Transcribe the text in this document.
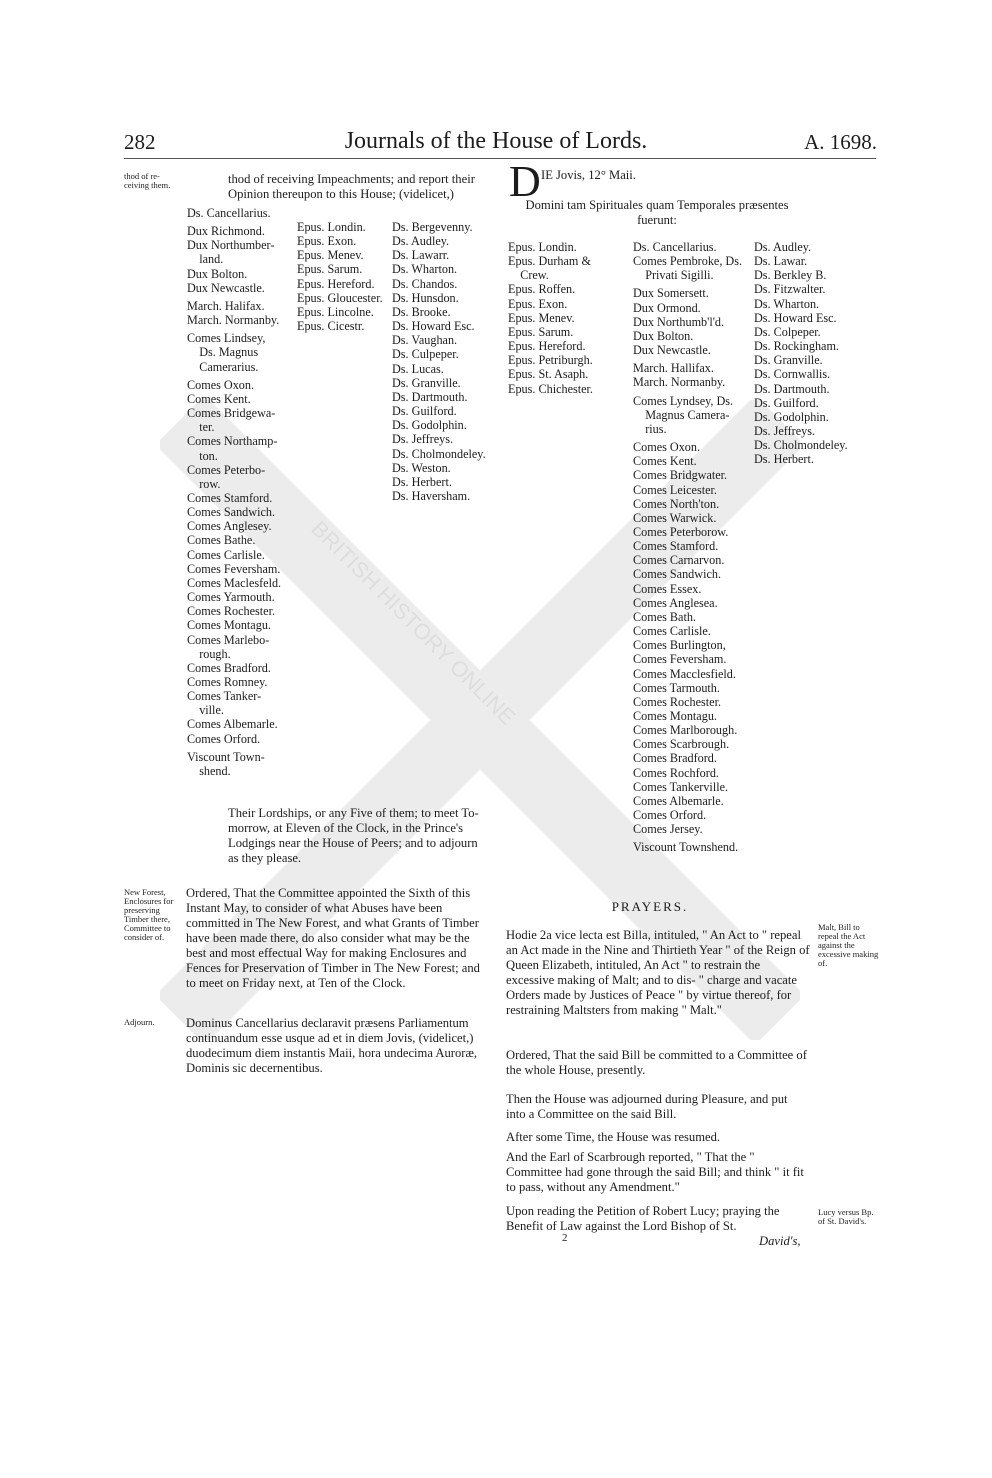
BRITISH HISTORY ONLINE
282	Journals of the House of Lords.	A. 1698.
thod of re-ceiving them.
New Forest, Enclosures for preserving Timber there, Committee to consider of.
Adjourn.
Malt, Bill to repeal the Act against the excessive making of.
Lucy versus Bp. of St. David's.
thod of receiving Impeachments; and report their Opinion thereupon to this House; (videlicet,)
Ds. Cancellarius.
Dux Richmond.
Dux Northumber-
land.
Dux Bolton.
Dux Newcastle.
March. Halifax.
March. Normanby.
Comes Lindsey,
Ds. Magnus
Camerarius.
Comes Oxon.
Comes Kent.
Comes Bridgewa-
ter.
Comes Northamp-
ton.
Comes Peterbo-
row.
Comes Stamford.
Comes Sandwich.
Comes Anglesey.
Comes Bathe.
Comes Carlisle.
Comes Feversham.
Comes Maclesfeld.
Comes Yarmouth.
Comes Rochester.
Comes Montagu.
Comes Marlebo-
rough.
Comes Bradford.
Comes Romney.
Comes Tanker-
ville.
Comes Albemarle.
Comes Orford.
Viscount Town-
shend.
Epus. Londin.
Epus. Exon.
Epus. Menev.
Epus. Sarum.
Epus. Hereford.
Epus. Gloucester.
Epus. Lincolne.
Epus. Cicestr.
Ds. Bergevenny.
Ds. Audley.
Ds. Lawarr.
Ds. Wharton.
Ds. Chandos.
Ds. Hunsdon.
Ds. Brooke.
Ds. Howard Esc.
Ds. Vaughan.
Ds. Culpeper.
Ds. Lucas.
Ds. Granville.
Ds. Dartmouth.
Ds. Guilford.
Ds. Godolphin.
Ds. Jeffreys.
Ds. Cholmondeley.
Ds. Weston.
Ds. Herbert.
Ds. Haversham.
Their Lordships, or any Five of them; to meet To-morrow, at Eleven of the Clock, in the Prince's Lodgings near the House of Peers; and to adjourn as they please.
Ordered, That the Committee appointed the Sixth of this Instant May, to consider of what Abuses have been committed in The New Forest, and what Grants of Timber have been made there, do also consider what may be the best and most effectual Way for making Enclosures and Fences for Preservation of Timber in The New Forest; and to meet on Friday next, at Ten of the Clock.
Dominus Cancellarius declaravit præsens Parliamentum continuandum esse usque ad et in diem Jovis, (videlicet,) duodecimum diem instantis Maii, hora undecima Auroræ, Dominis sic decernentibus.
D IE Jovis, 12° Maii.
Domini tam Spirituales quam Temporales præsentes fuerunt:
Epus. Londin.
Epus. Durham &
Crew.
Epus. Roffen.
Epus. Exon.
Epus. Menev.
Epus. Sarum.
Epus. Hereford.
Epus. Petriburgh.
Epus. St. Asaph.
Epus. Chichester.
Ds. Cancellarius.
Comes Pembroke, Ds.
Privati Sigilli.
Dux Somersett.
Dux Ormond.
Dux Northumb'l'd.
Dux Bolton.
Dux Newcastle.
March. Hallifax.
March. Normanby.
Comes Lyndsey, Ds.
Magnus Camera-
rius.
Comes Oxon.
Comes Kent.
Comes Bridgwater.
Comes Leicester.
Comes North'ton.
Comes Warwick.
Comes Peterborow.
Comes Stamford.
Comes Carnarvon.
Comes Sandwich.
Comes Essex.
Comes Anglesea.
Comes Bath.
Comes Carlisle.
Comes Burlington,
Comes Feversham.
Comes Macclesfield.
Comes Tarmouth.
Comes Rochester.
Comes Montagu.
Comes Marlborough.
Comes Scarbrough.
Comes Bradford.
Comes Rochford.
Comes Tankerville.
Comes Albemarle.
Comes Orford.
Comes Jersey.
Viscount Townshend.
Ds. Audley.
Ds. Lawar.
Ds. Berkley B.
Ds. Fitzwalter.
Ds. Wharton.
Ds. Howard Esc.
Ds. Colpeper.
Ds. Rockingham.
Ds. Granville.
Ds. Cornwallis.
Ds. Dartmouth.
Ds. Guilford.
Ds. Godolphin.
Ds. Jeffreys.
Ds. Cholmondeley.
Ds. Herbert.
PRAYERS.
Hodie 2a vice lecta est Billa, intituled, " An Act to " repeal an Act made in the Nine and Thirtieth Year " of the Reign of Queen Elizabeth, intituled, An Act " to restrain the excessive making of Malt; and to dis- " charge and vacate Orders made by Justices of Peace " by virtue thereof, for restraining Maltsters from making " Malt."
Ordered, That the said Bill be committed to a Committee of the whole House, presently.
Then the House was adjourned during Pleasure, and put into a Committee on the said Bill.
After some Time, the House was resumed.
And the Earl of Scarbrough reported, " That the " Committee had gone through the said Bill; and think " it fit to pass, without any Amendment."
Upon reading the Petition of Robert Lucy; praying the Benefit of Law against the Lord Bishop of St.
2	David's,
